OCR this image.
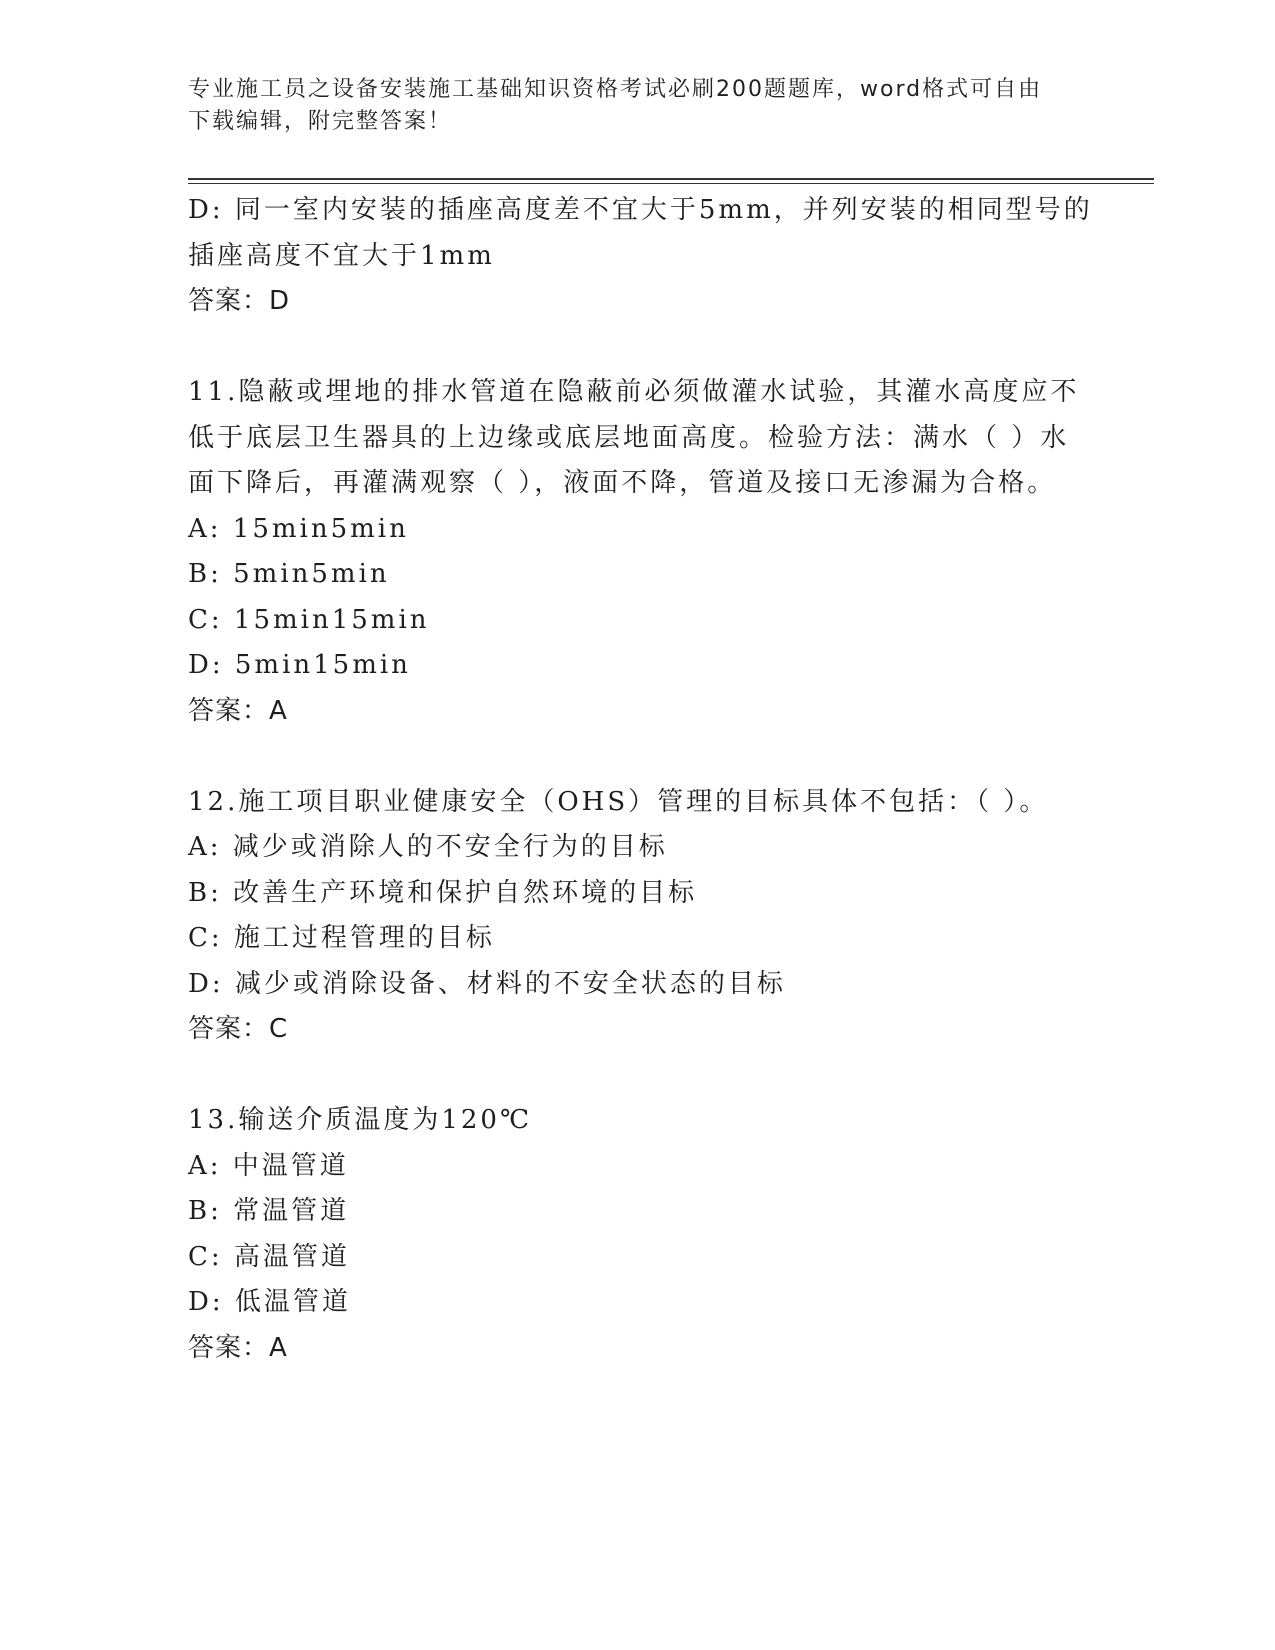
专业施工员之设备安装施工基础知识资格考试必刷200题题库，word格式可自由
下载编辑，附完整答案！
D: 同一室内安装的插座高度差不宜大于5mm，并列安装的相同型号的
插座高度不宜大于1mm
答案：D
11.隐蔽或埋地的排水管道在隐蔽前必须做灌水试验，其灌水高度应不
低于底层卫生器具的上边缘或底层地面高度。检验方法：满水（ ）水
面下降后，再灌满观察（ ），液面不降，管道及接口无渗漏为合格。
A: 15min5min
B: 5min5min
C: 15min15min
D: 5min15min
答案：A
12.施工项目职业健康安全（OHS）管理的目标具体不包括：（ ）。
A: 减少或消除人的不安全行为的目标
B: 改善生产环境和保护自然环境的目标
C: 施工过程管理的目标
D: 减少或消除设备、材料的不安全状态的目标
答案：C
13.输送介质温度为120℃
A: 中温管道
B: 常温管道
C: 高温管道
D: 低温管道
答案：A
